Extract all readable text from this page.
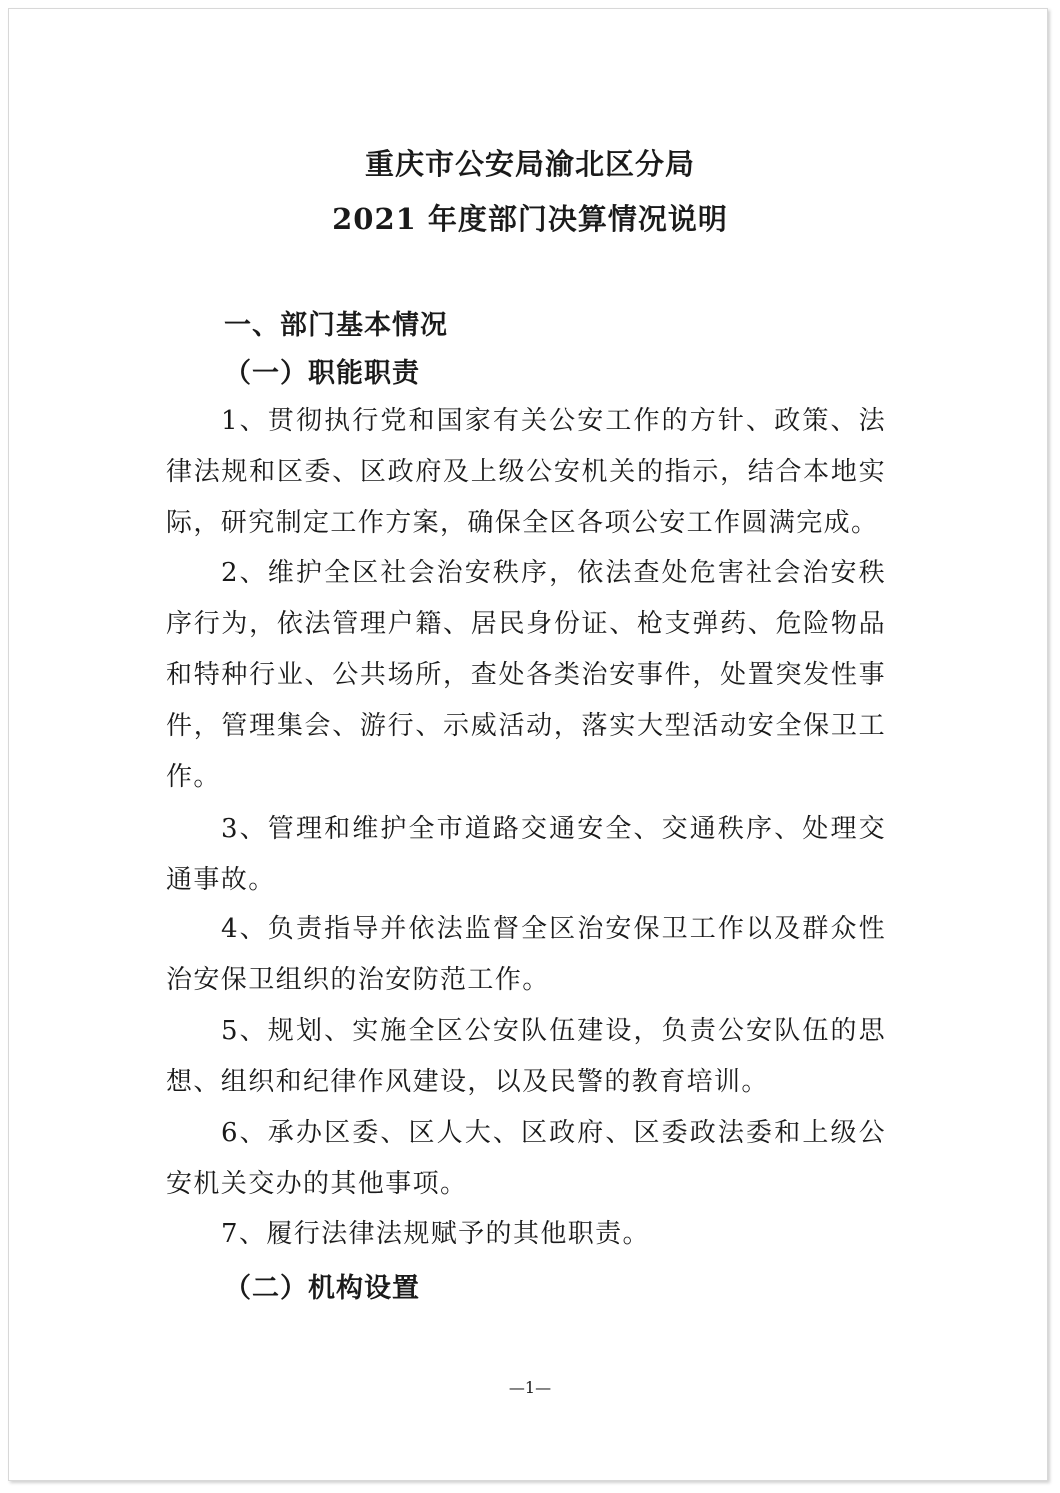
重庆市公安局渝北区分局
2021 年度部门决算情况说明
一、部门基本情况
（一）职能职责
1、贯彻执行党和国家有关公安工作的方针、政策、法律法规和区委、区政府及上级公安机关的指示，结合本地实际，研究制定工作方案，确保全区各项公安工作圆满完成。
2、维护全区社会治安秩序，依法查处危害社会治安秩序行为，依法管理户籍、居民身份证、枪支弹药、危险物品和特种行业、公共场所，查处各类治安事件，处置突发性事件，管理集会、游行、示威活动，落实大型活动安全保卫工作。
3、管理和维护全市道路交通安全、交通秩序、处理交通事故。
4、负责指导并依法监督全区治安保卫工作以及群众性治安保卫组织的治安防范工作。
5、规划、实施全区公安队伍建设，负责公安队伍的思想、组织和纪律作风建设，以及民警的教育培训。
6、承办区委、区人大、区政府、区委政法委和上级公安机关交办的其他事项。
7、履行法律法规赋予的其他职责。
（二）机构设置
—1—
